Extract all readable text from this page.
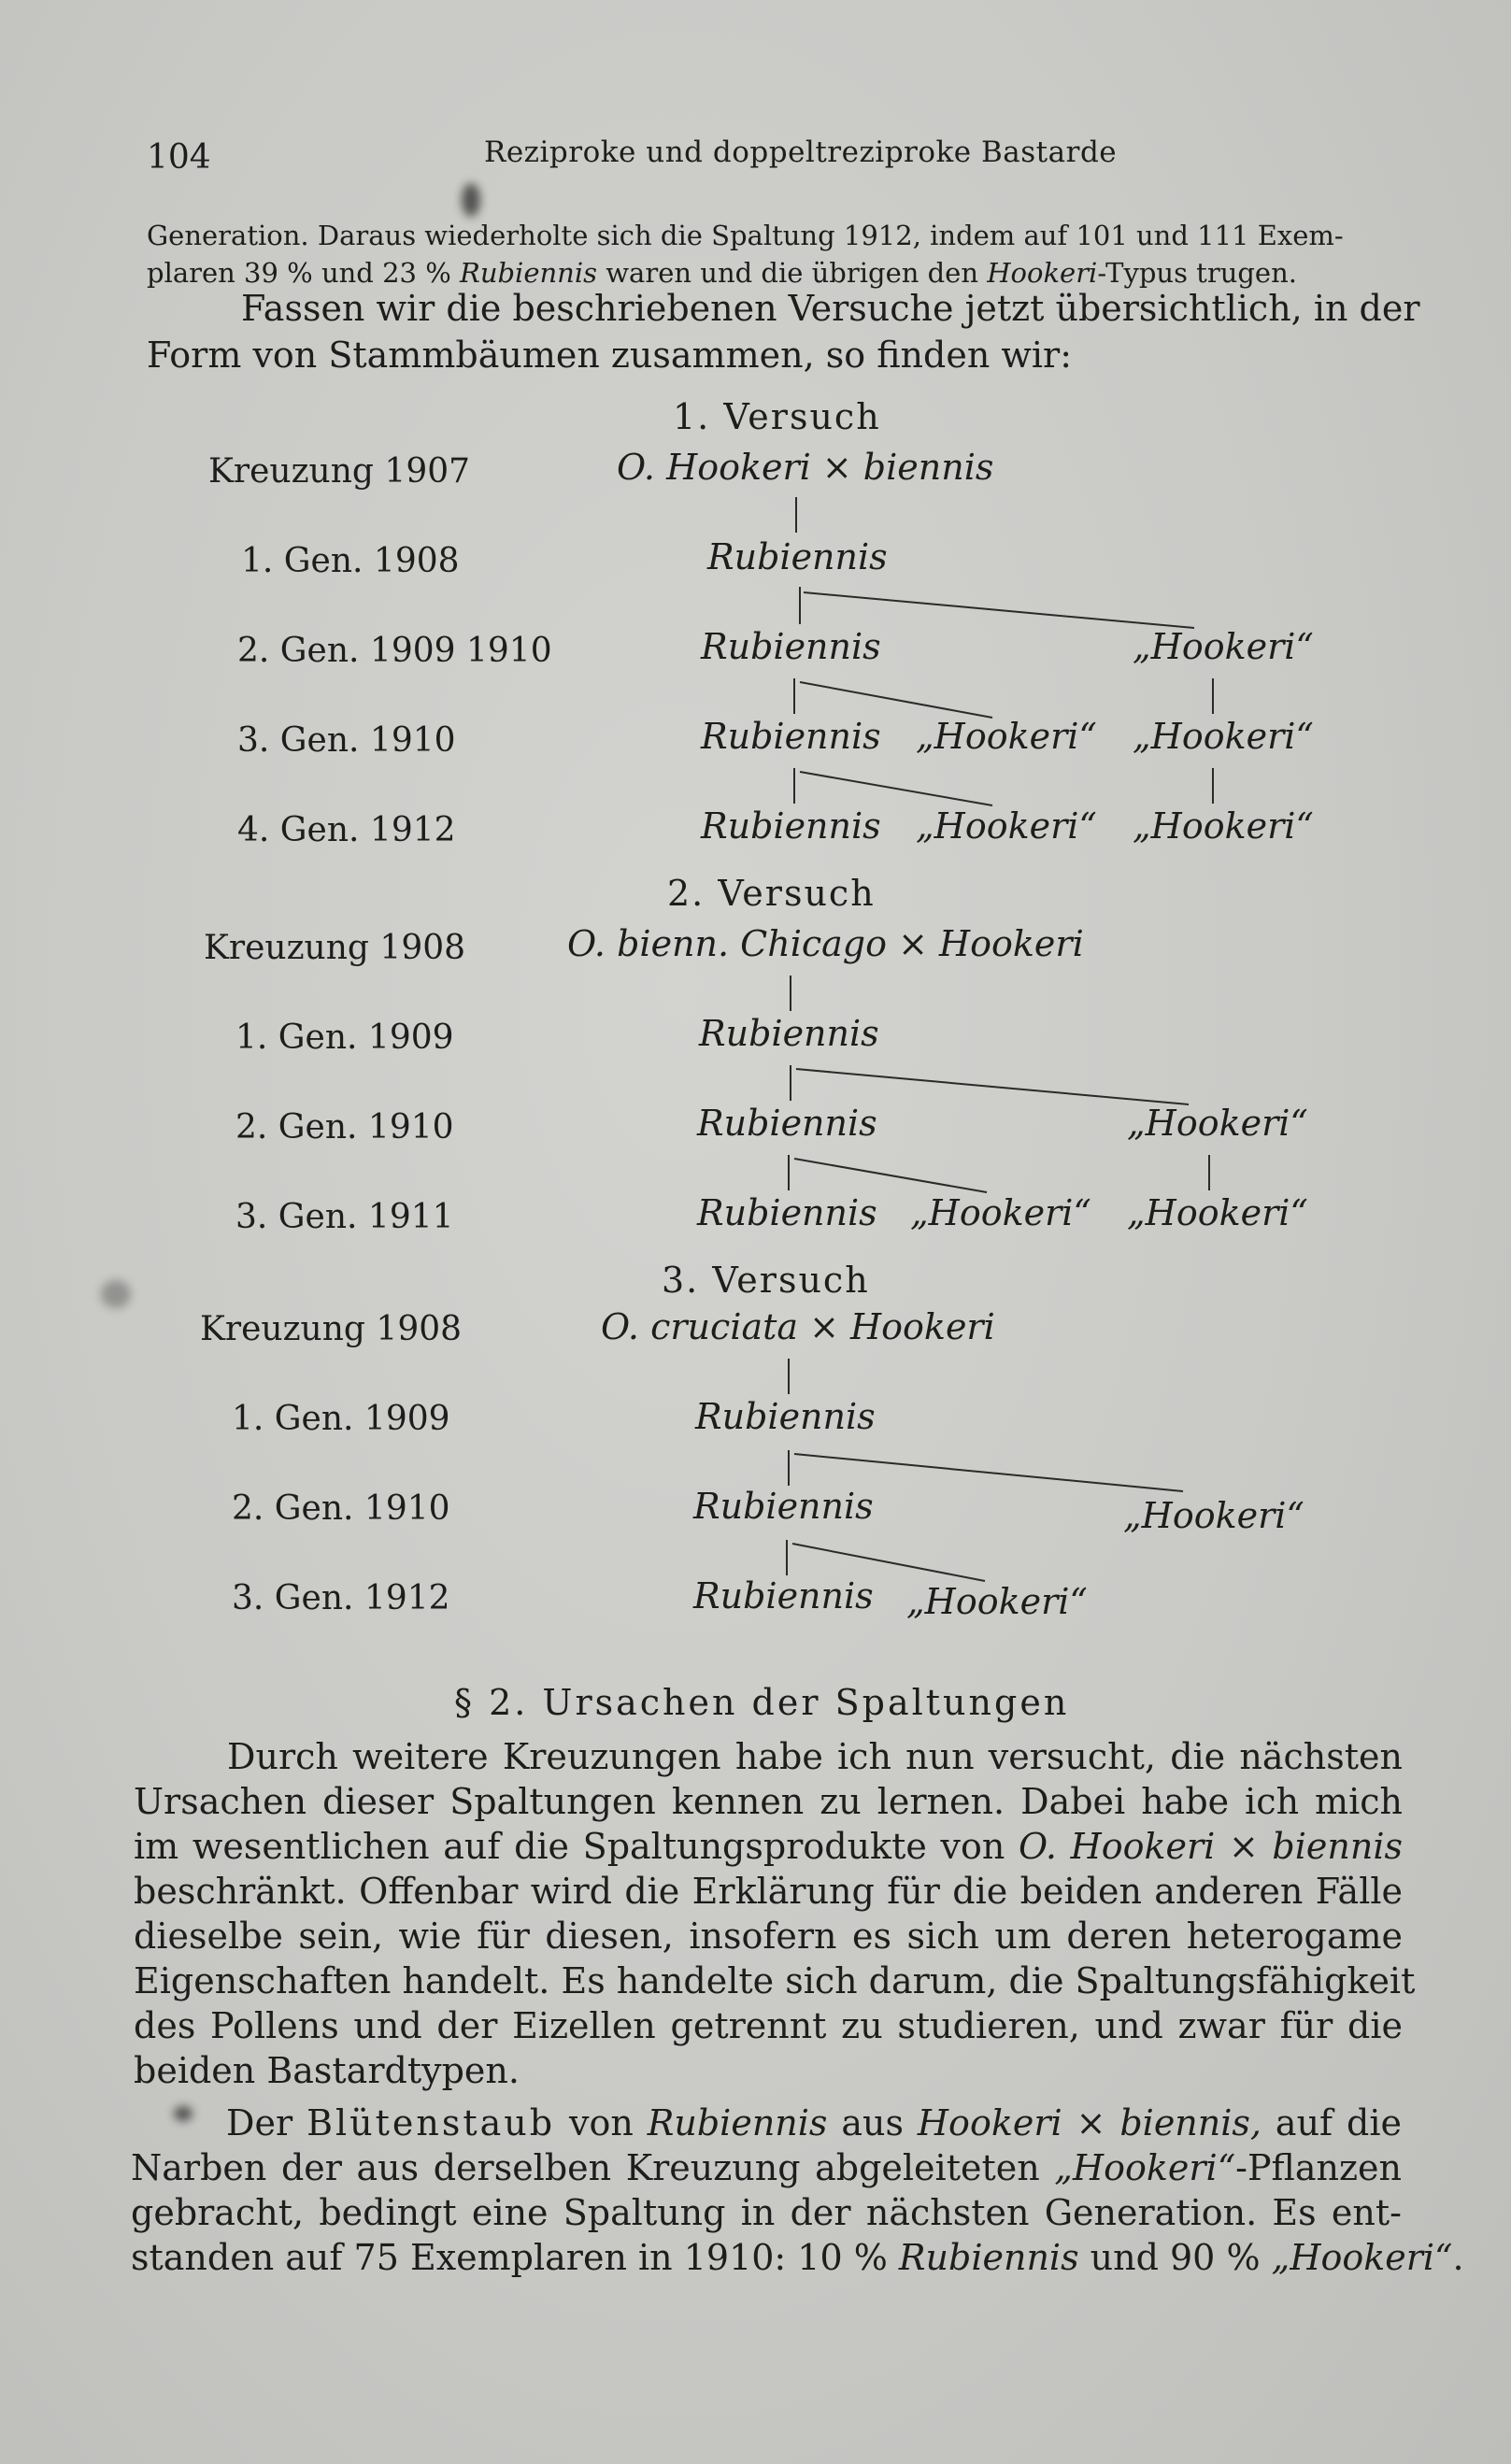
104	Reziproke und doppeltreziproke Bastarde
Generation. Daraus wiederholte sich die Spaltung 1912, indem auf 101 und 111 Exem-
plaren 39 % und 23 % Rubiennis waren und die übrigen den Hookeri-Typus trugen.
Fassen wir die beschriebenen Versuche jetzt übersichtlich, in der
Form von Stammbäumen zusammen, so finden wir:
1. Versuch
Kreuzung 1907	O. Hookeri × biennis
1. Gen. 1908	Rubiennis
2. Gen. 1909 1910	Rubiennis	„Hookeri“
3. Gen. 1910	Rubiennis „Hookeri“ „Hookeri“
4. Gen. 1912	Rubiennis „Hookeri“ „Hookeri“
2. Versuch
Kreuzung 1908	O. bienn. Chicago × Hookeri
1. Gen. 1909	Rubiennis
2. Gen. 1910	Rubiennis	„Hookeri“
3. Gen. 1911	Rubiennis „Hookeri“ „Hookeri“
3. Versuch
Kreuzung 1908	O. cruciata × Hookeri
1. Gen. 1909	Rubiennis
2. Gen. 1910	Rubiennis	„Hookeri“
3. Gen. 1912	Rubiennis „Hookeri“
§ 2. Ursachen der Spaltungen
Durch weitere Kreuzungen habe ich nun versucht, die nächsten
Ursachen dieser Spaltungen kennen zu lernen. Dabei habe ich mich
im wesentlichen auf die Spaltungsprodukte von O. Hookeri × biennis
beschränkt. Offenbar wird die Erklärung für die beiden anderen Fälle
dieselbe sein, wie für diesen, insofern es sich um deren heterogame
Eigenschaften handelt. Es handelte sich darum, die Spaltungsfähigkeit
des Pollens und der Eizellen getrennt zu studieren, und zwar für die
beiden Bastardtypen.
Der Blütenstaub von Rubiennis aus Hookeri × biennis, auf die
Narben der aus derselben Kreuzung abgeleiteten „Hookeri“-Pflanzen
gebracht, bedingt eine Spaltung in der nächsten Generation. Es ent-
standen auf 75 Exemplaren in 1910: 10 % Rubiennis und 90 % „Hookeri“.
